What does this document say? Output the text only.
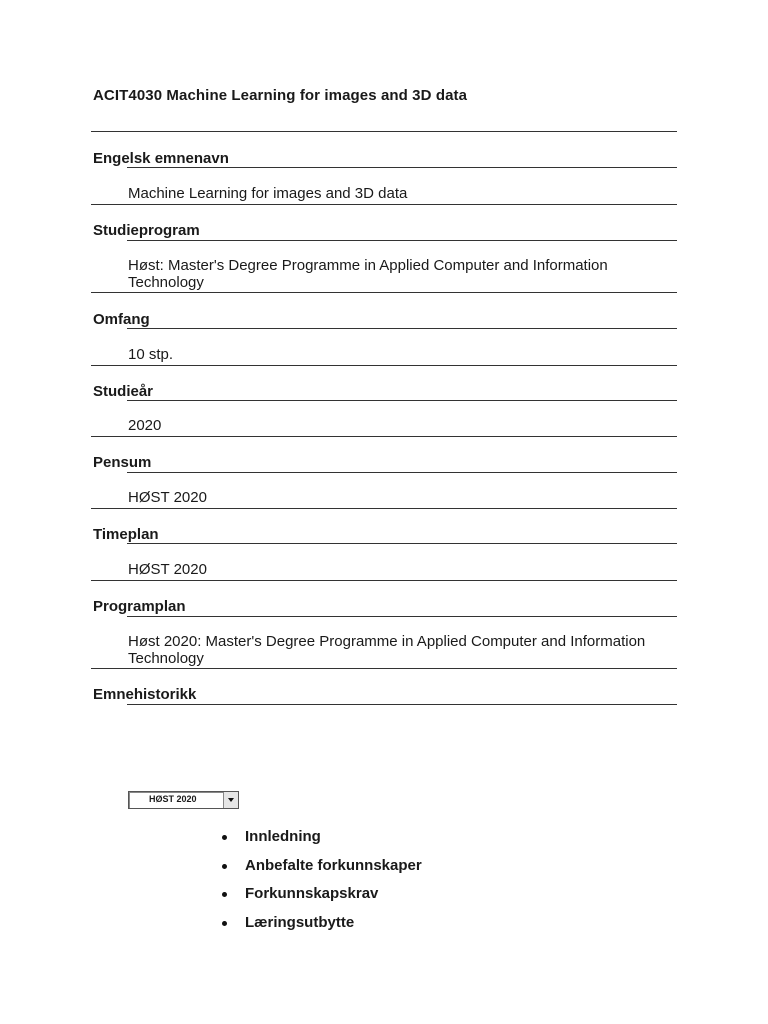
ACIT4030 Machine Learning for images and 3D data
Engelsk emnenavn
Machine Learning for images and 3D data
Studieprogram
Høst: Master's Degree Programme in Applied Computer and Information Technology
Omfang
10 stp.
Studieår
2020
Pensum
HØST 2020
Timeplan
HØST 2020
Programplan
Høst 2020: Master's Degree Programme in Applied Computer and Information Technology
Emnehistorikk
HØST 2020
Innledning
Anbefalte forkunnskaper
Forkunnskapskrav
Læringsutbytte
